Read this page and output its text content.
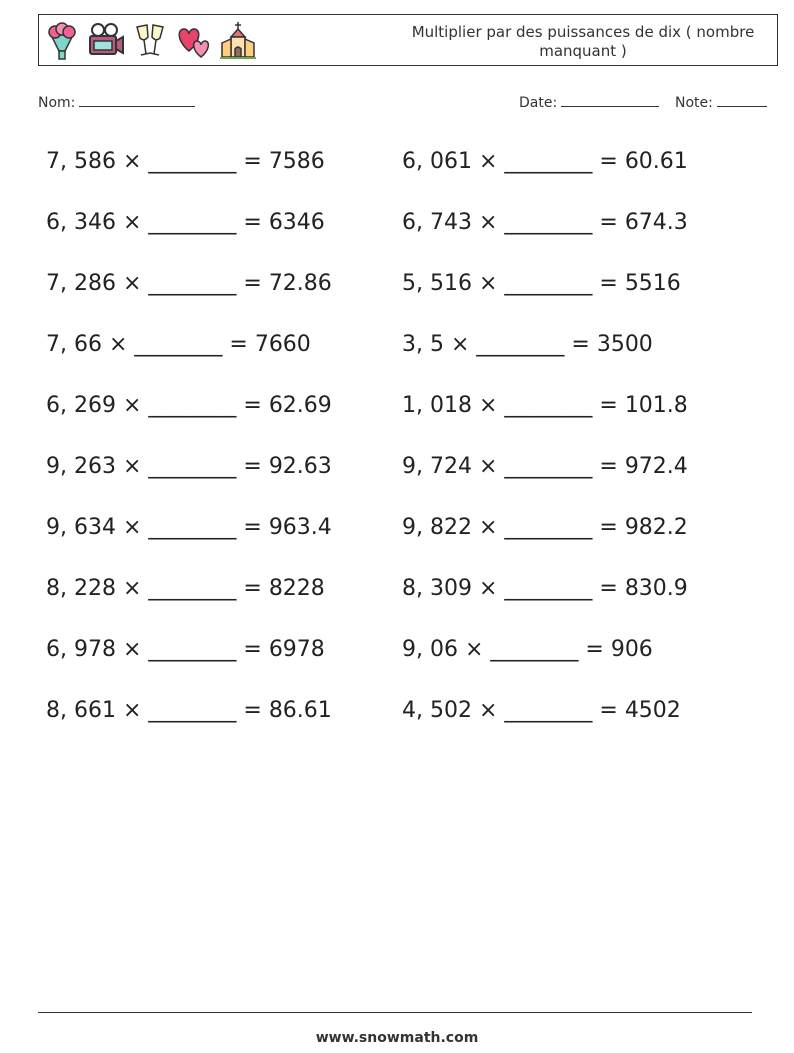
Multiplier par des puissances de dix ( nombre manquant )
Nom:	Date:	Note:
7, 586 × ________ = 7586	6, 061 × ________ = 60.61
6, 346 × ________ = 6346	6, 743 × ________ = 674.3
7, 286 × ________ = 72.86	5, 516 × ________ = 5516
7, 66 × ________ = 7660	3, 5 × ________ = 3500
6, 269 × ________ = 62.69	1, 018 × ________ = 101.8
9, 263 × ________ = 92.63	9, 724 × ________ = 972.4
9, 634 × ________ = 963.4	9, 822 × ________ = 982.2
8, 228 × ________ = 8228	8, 309 × ________ = 830.9
6, 978 × ________ = 6978	9, 06 × ________ = 906
8, 661 × ________ = 86.61	4, 502 × ________ = 4502
www.snowmath.com
